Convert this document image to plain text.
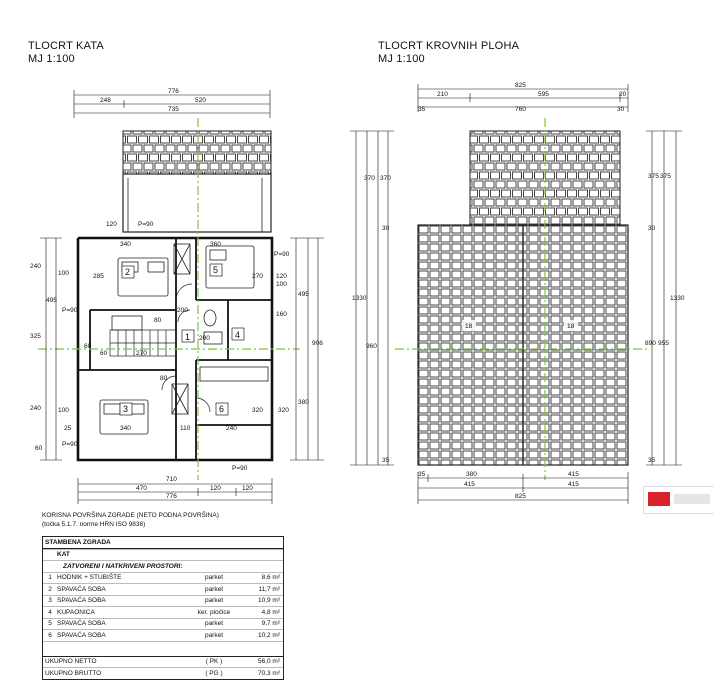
TLOCRT KATA
MJ 1:100
TLOCRT KROVNIH PLOHA
MJ 1:100
776
248	520
735
1
2
3
4
5
6
340	360
285	270
200
80
200
80
340	110	240
320
270
60
60
120	P=90
P=90
P=90
P=90
240
100
495
325
240	100
60
25
P=90
120
100
495
160
906
320
380
710
470	120	120
776
825
210	595	20
35	760	30
18	18
370 370
1330
960
30
35
375 375
30
1330
890 955
35
35	380	415
415	415
825

KORISNA POVRŠINA ZGRADE (NETO PODNA POVRŠINA)
(točka 5.1.7. norme HRN ISO 9836)
STAMBENA ZGRADA
KAT
ZATVORENI I NATKRIVENI PROSTORI:
1 HODNIK + STUBIŠTE	parket	8,6 m²
2 SPAVAĆA SOBA	parket	11,7 m²
3 SPAVAĆA SOBA	parket	10,9 m²
4 KUPAONICA	ker. pločice	4,8 m²
5 SPAVAĆA SOBA	parket	9,7 m²
6 SPAVAĆA SOBA	parket	10,2 m²
UKUPNO NETTO	( PK )	56,0 m²
UKUPNO BRUTTO	( PG )	70,3 m²
